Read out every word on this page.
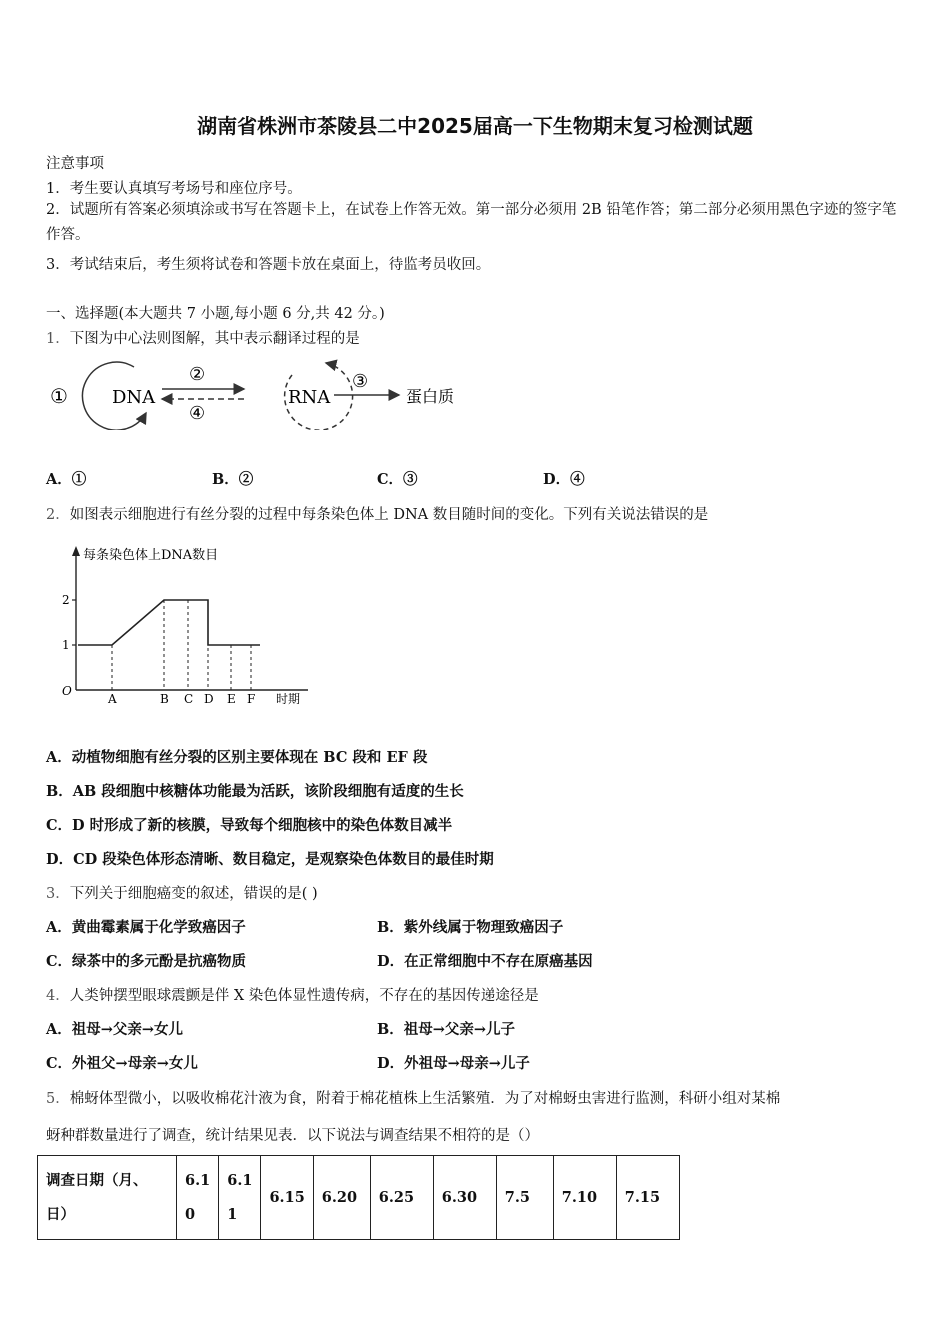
湖南省株洲市茶陵县二中2025届高一下生物期末复习检测试题
注意事项
1．考生要认真填写考场号和座位序号。
2．试题所有答案必须填涂或书写在答题卡上，在试卷上作答无效。第一部分必须用 2B 铅笔作答；第二部分必须用黑色字迹的签字笔作答。
3．考试结束后，考生须将试卷和答题卡放在桌面上，待监考员收回。
一、选择题(本大题共 7 小题,每小题 6 分,共 42 分。)
1．下图为中心法则图解，其中表示翻译过程的是
① DNA
②
④
RNA
③
蛋白质
A．①	B．②	C．③	D．④
2．如图表示细胞进行有丝分裂的过程中每条染色体上 DNA 数目随时间的变化。下列有关说法错误的是
每条染色体上DNA数目
时期
O
1
2
A	B C D E F
A．动植物细胞有丝分裂的区别主要体现在 BC 段和 EF 段
B．AB 段细胞中核糖体功能最为活跃，该阶段细胞有适度的生长
C．D 时形成了新的核膜，导致每个细胞核中的染色体数目减半
D．CD 段染色体形态清晰、数目稳定，是观察染色体数目的最佳时期
3．下列关于细胞癌变的叙述，错误的是( )
A．黄曲霉素属于化学致癌因子	B．紫外线属于物理致癌因子
C．绿茶中的多元酚是抗癌物质	D．在正常细胞中不存在原癌基因
4．人类钟摆型眼球震颤是伴 X 染色体显性遗传病，不存在的基因传递途径是
A．祖母→父亲→女儿	B．祖母→父亲→儿子
C．外祖父→母亲→女儿	D．外祖母→母亲→儿子
5．棉蚜体型微小，以吸收棉花汁液为食，附着于棉花植株上生活繁殖．为了对棉蚜虫害进行监测，科研小组对某棉
蚜种群数量进行了调查，统计结果见表．以下说法与调查结果不相符的是（）
调查日期（月、
日）	6.1
0	6.1
1	6.15	6.20	6.25	6.30	7.5	7.10	7.15
